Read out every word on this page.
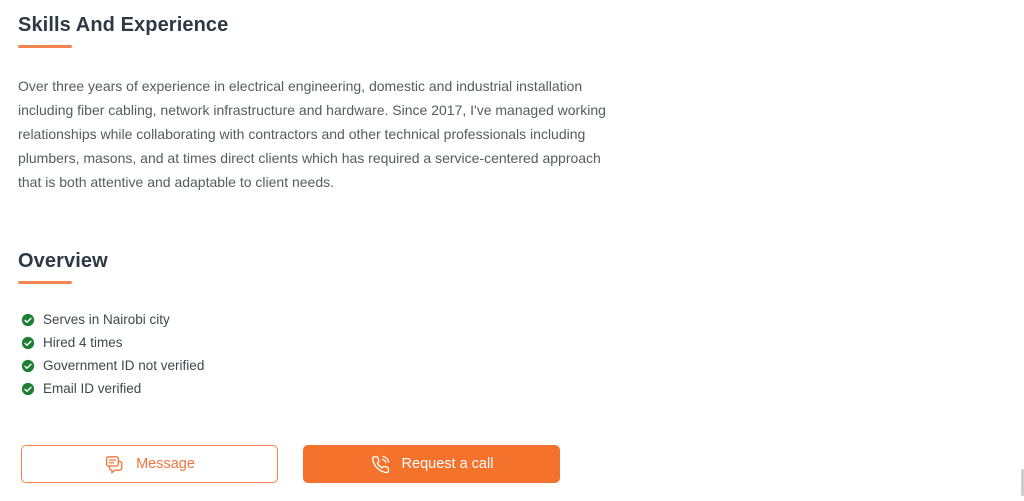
Skills And Experience

Over three years of experience in electrical engineering, domestic and industrial installation including fiber cabling, network infrastructure and hardware. Since 2017, I've managed working relationships while collaborating with contractors and other technical professionals including plumbers, masons, and at times direct clients which has required a service-centered approach that is both attentive and adaptable to client needs.

Overview
Serves in Nairobi city
Hired 4 times
Government ID not verified
Email ID verified
Message	Request a call
